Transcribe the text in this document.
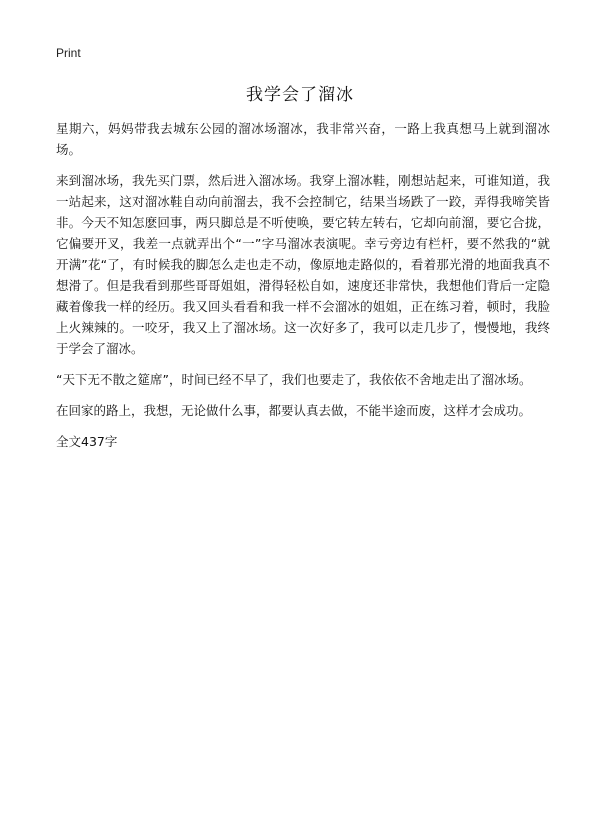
Print
我学会了溜冰

星期六，妈妈带我去城东公园的溜冰场溜冰，我非常兴奋，一路上我真想马上就到溜冰场。

来到溜冰场，我先买门票，然后进入溜冰场。我穿上溜冰鞋，刚想站起来，可谁知道，我一站起来，这对溜冰鞋自动向前溜去，我不会控制它，结果当场跌了一跤，弄得我啼笑皆非。今天不知怎麽回事，两只脚总是不听使唤，要它转左转右，它却向前溜，要它合拢，它偏要开叉，我差一点就弄出个“一”字马溜冰表演呢。幸亏旁边有栏杆，要不然我的“就开满”花“了，有时候我的脚怎么走也走不动，像原地走路似的，看着那光滑的地面我真不想滑了。但是我看到那些哥哥姐姐，滑得轻松自如，速度还非常快，我想他们背后一定隐藏着像我一样的经历。我又回头看看和我一样不会溜冰的姐姐，正在练习着，顿时，我脸上火辣辣的。一咬牙，我又上了溜冰场。这一次好多了，我可以走几步了，慢慢地，我终于学会了溜冰。

“天下无不散之筵席”，时间已经不早了，我们也要走了，我依依不舍地走出了溜冰场。

在回家的路上，我想，无论做什么事，都要认真去做，不能半途而废，这样才会成功。

全文437字
